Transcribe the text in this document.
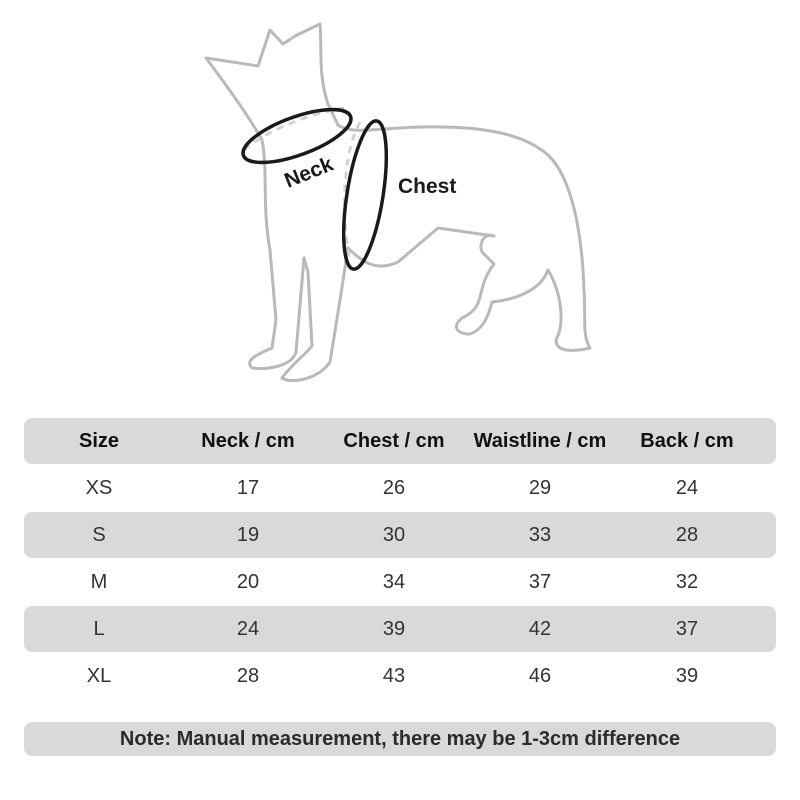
Neck	Chest
Size	Neck / cm	Chest / cm	Waistline / cm	Back / cm
XS	17	26	29	24
S	19	30	33	28
M	20	34	37	32
L	24	39	42	37
XL	28	43	46	39
Note: Manual measurement, there may be 1-3cm difference
